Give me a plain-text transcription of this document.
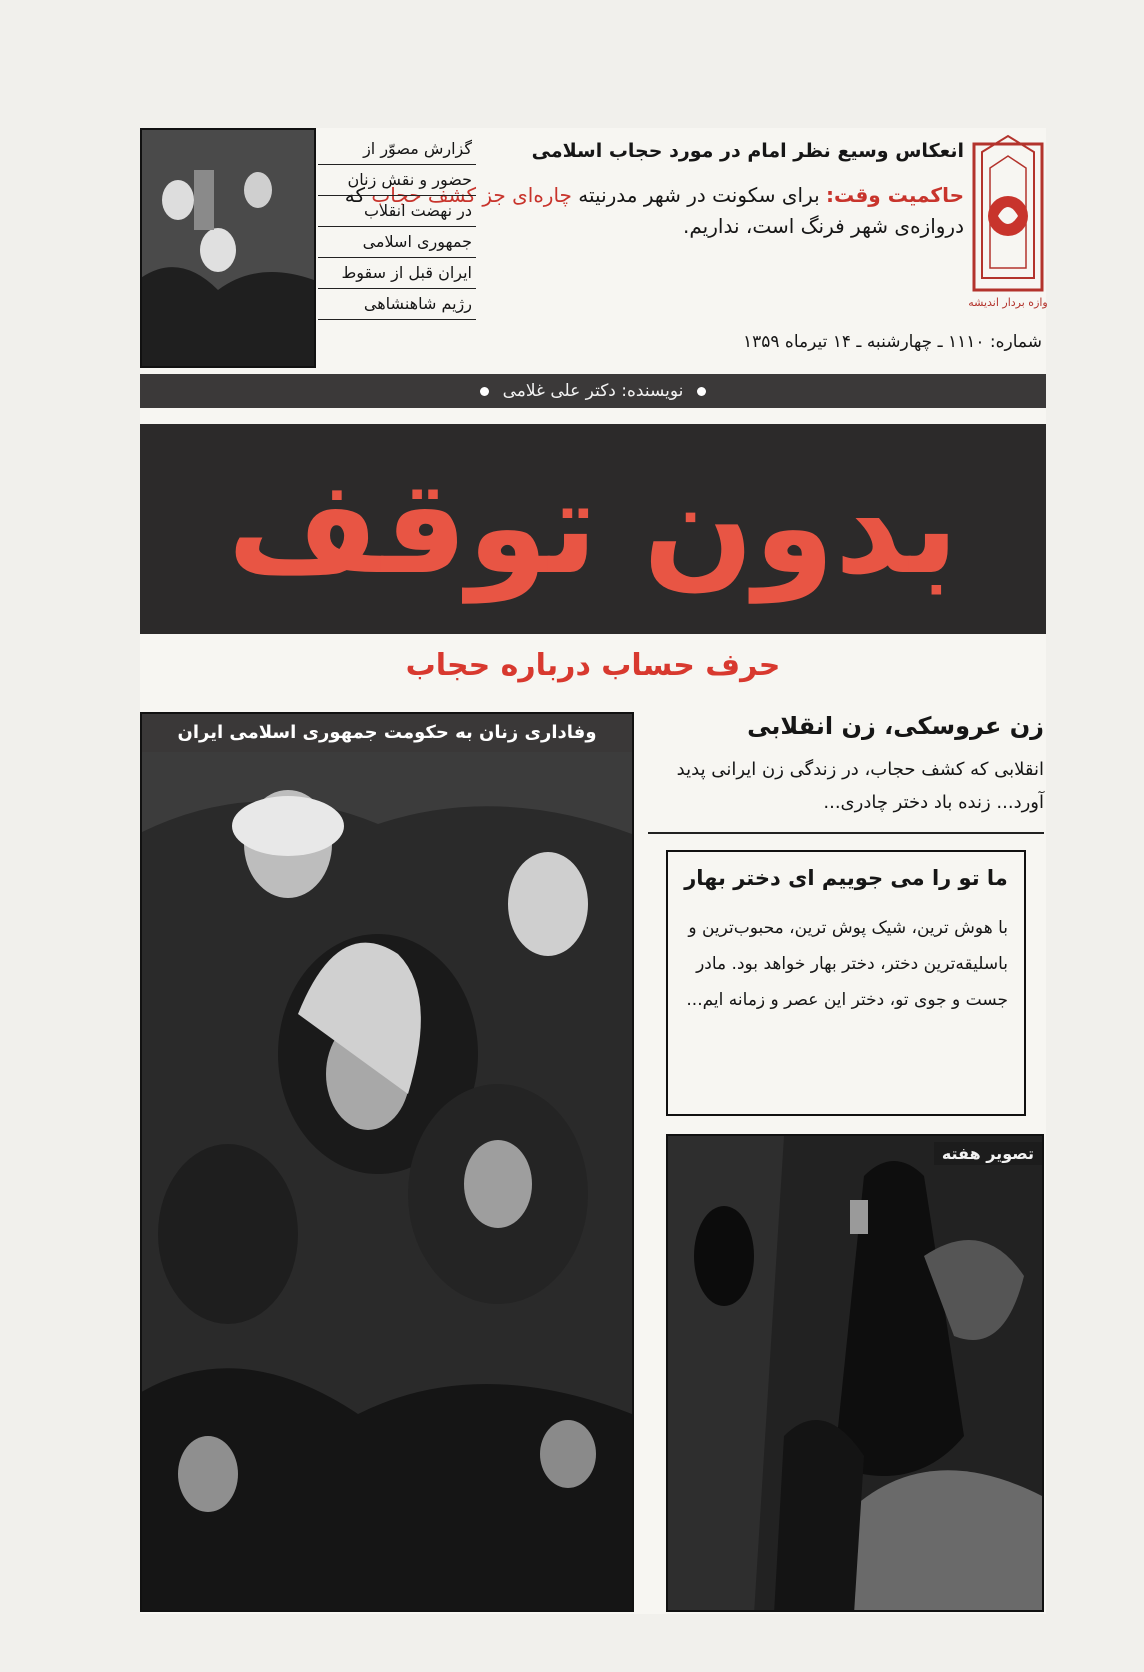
وازه بردار اندیشه
انعکاس وسیع نظر امام در مورد حجاب اسلامی
حاکمیت وقت: برای سکونت در شهر مدرنیته چاره‌ای جز کشف حجاب که دروازه‌ی شهر فرنگ است، نداریم.
شماره: ۱۱۱۰ ـ چهارشنبه ـ ۱۴ تیرماه ۱۳۵۹
گزارش مصوّر از
حضور و نقش زنان
در نهضت انقلاب
جمهوری اسلامی
ایران قبل از سقوط
رژیم شاهنشاهی
نویسنده: دکتر علی غلامی
بدون توقف
حرف حساب درباره حجاب
وفاداری زنان به حکومت جمهوری اسلامی ایران	زن عروسکی، زن انقلابی
انقلابی که کشف حجاب، در زندگی زن ایرانی پدید آورد... زنده باد دختر چادری...
ما تو را می جوییم ای دختر بهار
با هوش ترین، شیک پوش ترین، محبوب‌ترین و باسلیقه‌ترین دختر، دختر بهار خواهد بود. مادر جست و جوی تو، دختر این عصر و زمانه ایم...
تصویر هفته
